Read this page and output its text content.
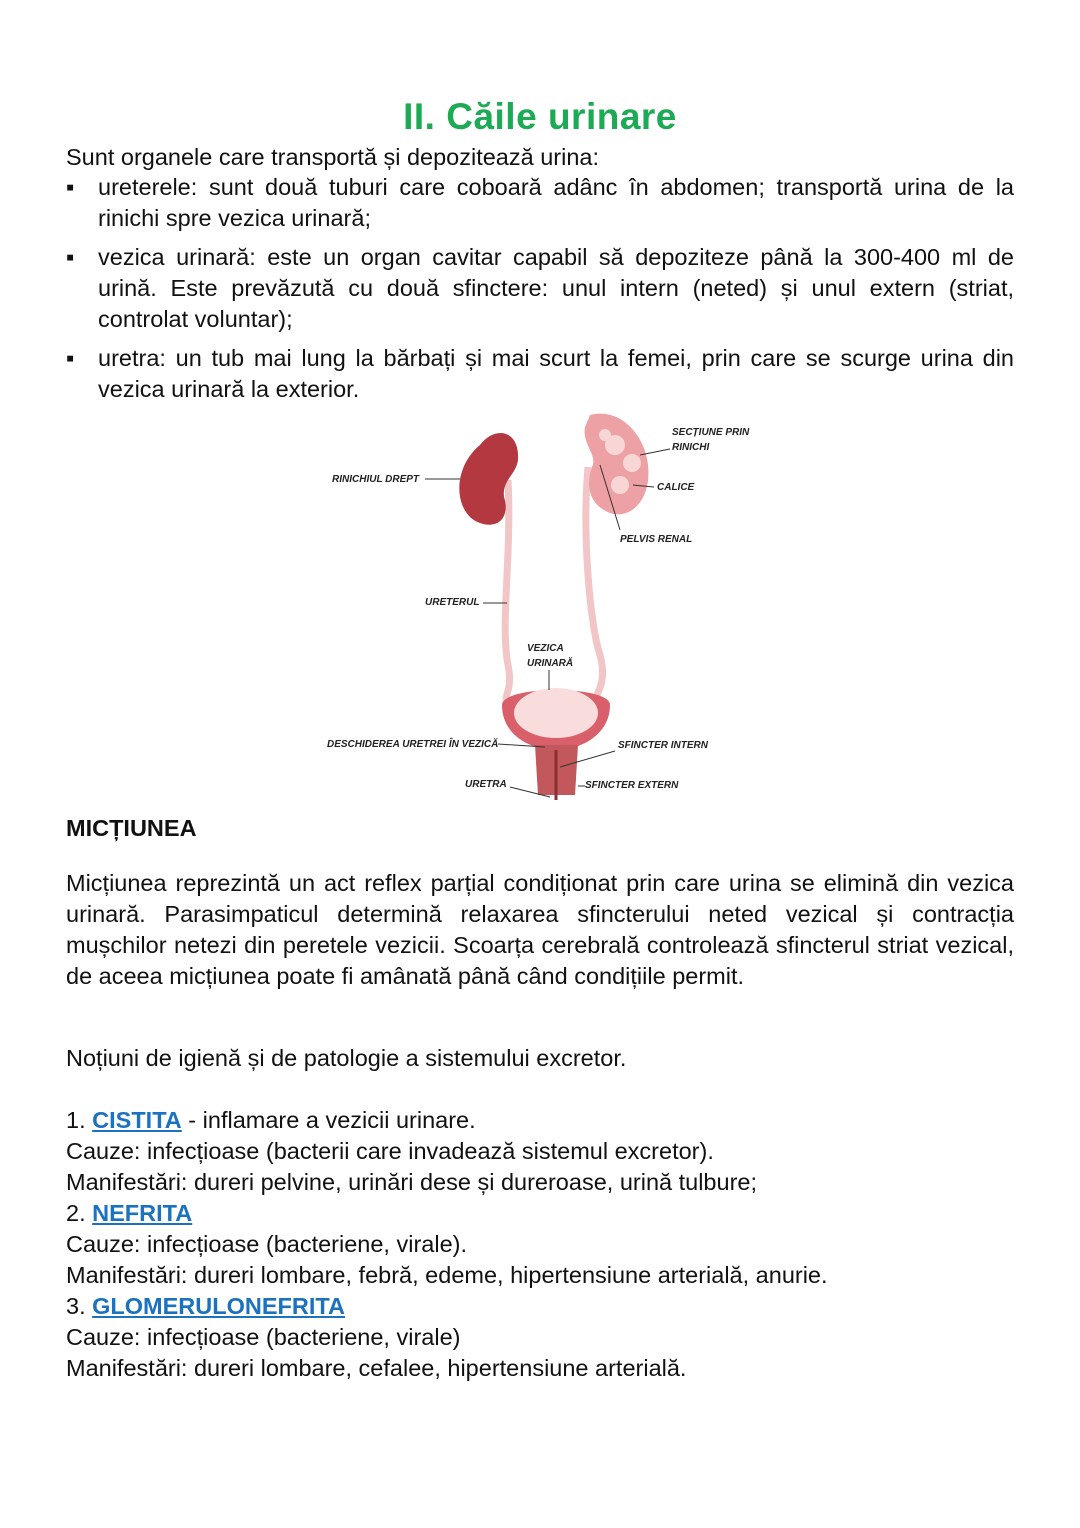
II. Căile urinare
Sunt organele care transportă și depozitează urina:
▪ ureterele: sunt două tuburi care coboară adânc în abdomen; transportă urina de la rinichi spre vezica urinară;
▪ vezica urinară: este un organ cavitar capabil să depoziteze până la 300-400 ml de urină. Este prevăzută cu două sfinctere: unul intern (neted) și unul extern (striat, controlat voluntar);
▪ uretra: un tub mai lung la bărbați și mai scurt la femei, prin care se scurge urina din vezica urinară la exterior.
RINICHIUL DREPT
SECȚIUNE PRIN RINICHI
CALICE
PELVIS RENAL
URETERUL
VEZICA URINARĂ
DESCHIDEREA URETREI ÎN VEZICĂ	SFINCTER INTERN
URETRA	SFINCTER EXTERN
MICȚIUNEA
Micțiunea reprezintă un act reflex parțial condiționat prin care urina se elimină din vezica urinară. Parasimpaticul determină relaxarea sfincterului neted vezical și contracția mușchilor netezi din peretele vezicii. Scoarța cerebrală controlează sfincterul striat vezical, de aceea micțiunea poate fi amânată până când condițiile permit.
Noțiuni de igienă și de patologie a sistemului excretor.
1. CISTITA - inflamare a vezicii urinare.
Cauze: infecțioase (bacterii care invadează sistemul excretor).
Manifestări: dureri pelvine, urinări dese și dureroase, urină tulbure;
2. NEFRITA
Cauze: infecțioase (bacteriene, virale).
Manifestări: dureri lombare, febră, edeme, hipertensiune arterială, anurie.
3. GLOMERULONEFRITA
Cauze: infecțioase (bacteriene, virale)
Manifestări: dureri lombare, cefalee, hipertensiune arterială.
